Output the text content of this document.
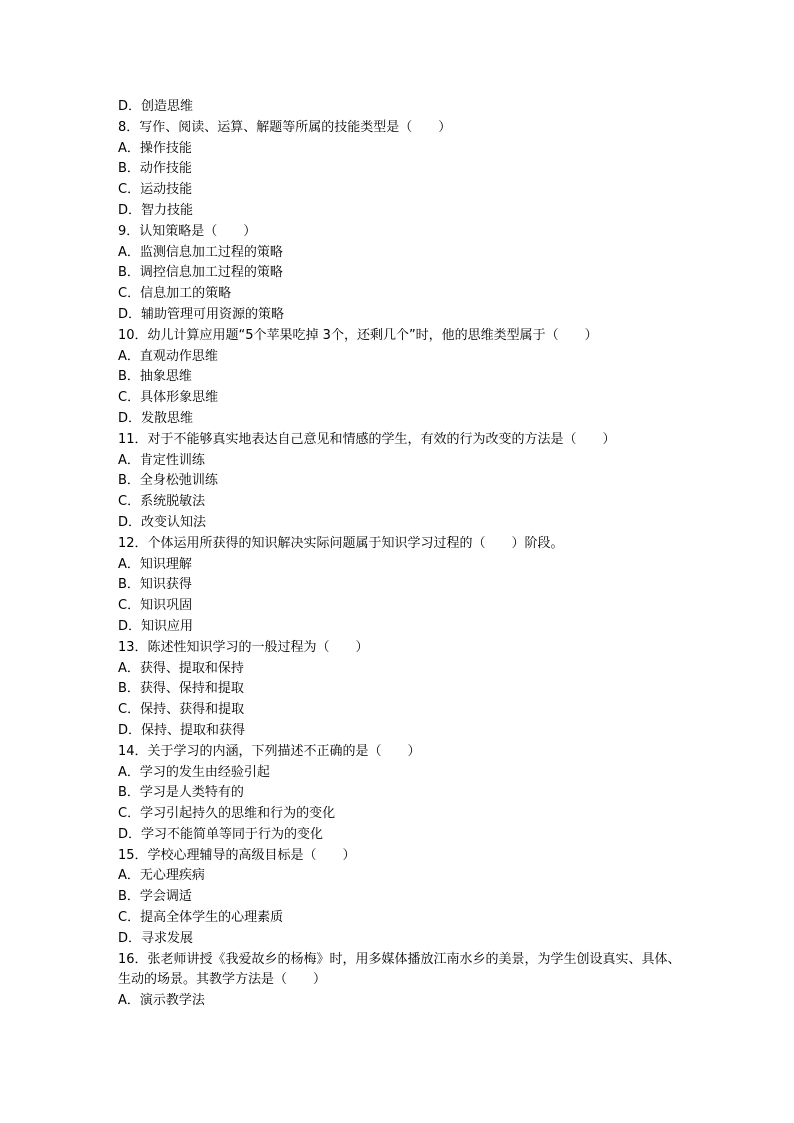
D．创造思维

8．写作、阅读、运算、解题等所属的技能类型是（　　）

A．操作技能

B．动作技能

C．运动技能

D．智力技能

9．认知策略是（　　）

A．监测信息加工过程的策略

B．调控信息加工过程的策略

C．信息加工的策略

D．辅助管理可用资源的策略

10．幼儿计算应用题“5个苹果吃掉 3个，还剩几个”时，他的思维类型属于（　　）

A．直观动作思维

B．抽象思维

C．具体形象思维

D．发散思维

11．对于不能够真实地表达自己意见和情感的学生，有效的行为改变的方法是（　　）

A．肯定性训练

B．全身松弛训练

C．系统脱敏法

D．改变认知法

12．个体运用所获得的知识解决实际问题属于知识学习过程的（　　）阶段。

A．知识理解

B．知识获得

C．知识巩固

D．知识应用

13．陈述性知识学习的一般过程为（　　）

A．获得、提取和保持

B．获得、保持和提取

C．保持、获得和提取

D．保持、提取和获得

14．关于学习的内涵，下列描述不正确的是（　　）

A．学习的发生由经验引起

B．学习是人类特有的

C．学习引起持久的思维和行为的变化

D．学习不能简单等同于行为的变化

15．学校心理辅导的高级目标是（　　）

A．无心理疾病

B．学会调适

C．提高全体学生的心理素质

D．寻求发展

16．张老师讲授《我爱故乡的杨梅》时，用多媒体播放江南水乡的美景，为学生创设真实、具体、生动的场景。其教学方法是（　　）

A．演示教学法
